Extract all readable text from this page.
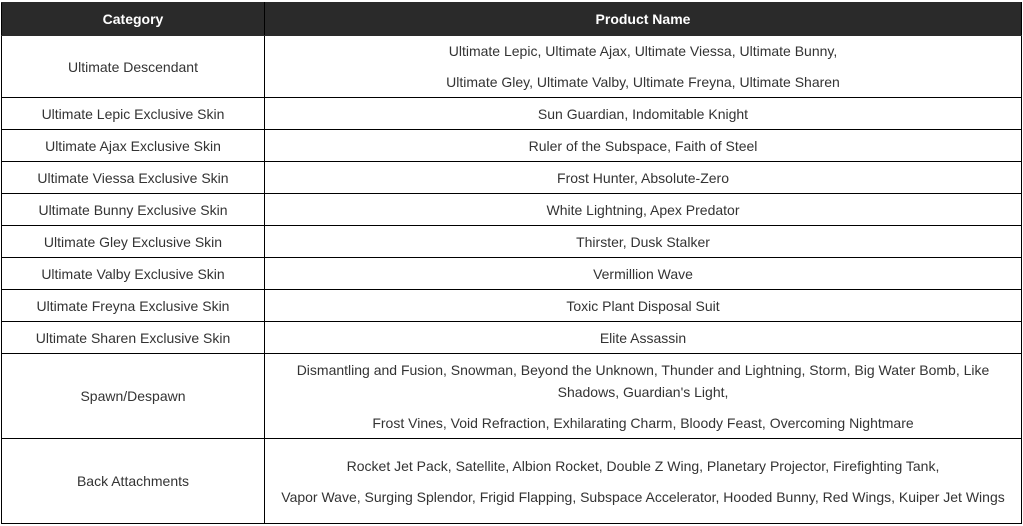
Category	Product Name
Ultimate Descendant	Ultimate Lepic, Ultimate Ajax, Ultimate Viessa, Ultimate Bunny,

Ultimate Gley, Ultimate Valby, Ultimate Freyna, Ultimate Sharen

Ultimate Lepic Exclusive Skin	Sun Guardian, Indomitable Knight

Ultimate Ajax Exclusive Skin	Ruler of the Subspace, Faith of Steel

Ultimate Viessa Exclusive Skin	Frost Hunter, Absolute-Zero

Ultimate Bunny Exclusive Skin	White Lightning, Apex Predator

Ultimate Gley Exclusive Skin	Thirster, Dusk Stalker

Ultimate Valby Exclusive Skin	Vermillion Wave

Ultimate Freyna Exclusive Skin	Toxic Plant Disposal Suit

Ultimate Sharen Exclusive Skin	Elite Assassin

Spawn/Despawn	Dismantling and Fusion, Snowman, Beyond the Unknown, Thunder and Lightning, Storm, Big Water Bomb, Like Shadows, Guardian's Light,

Frost Vines, Void Refraction, Exhilarating Charm, Bloody Feast, Overcoming Nightmare

Back Attachments	Rocket Jet Pack, Satellite, Albion Rocket, Double Z Wing, Planetary Projector, Firefighting Tank,

Vapor Wave, Surging Splendor, Frigid Flapping, Subspace Accelerator, Hooded Bunny, Red Wings, Kuiper Jet Wings
